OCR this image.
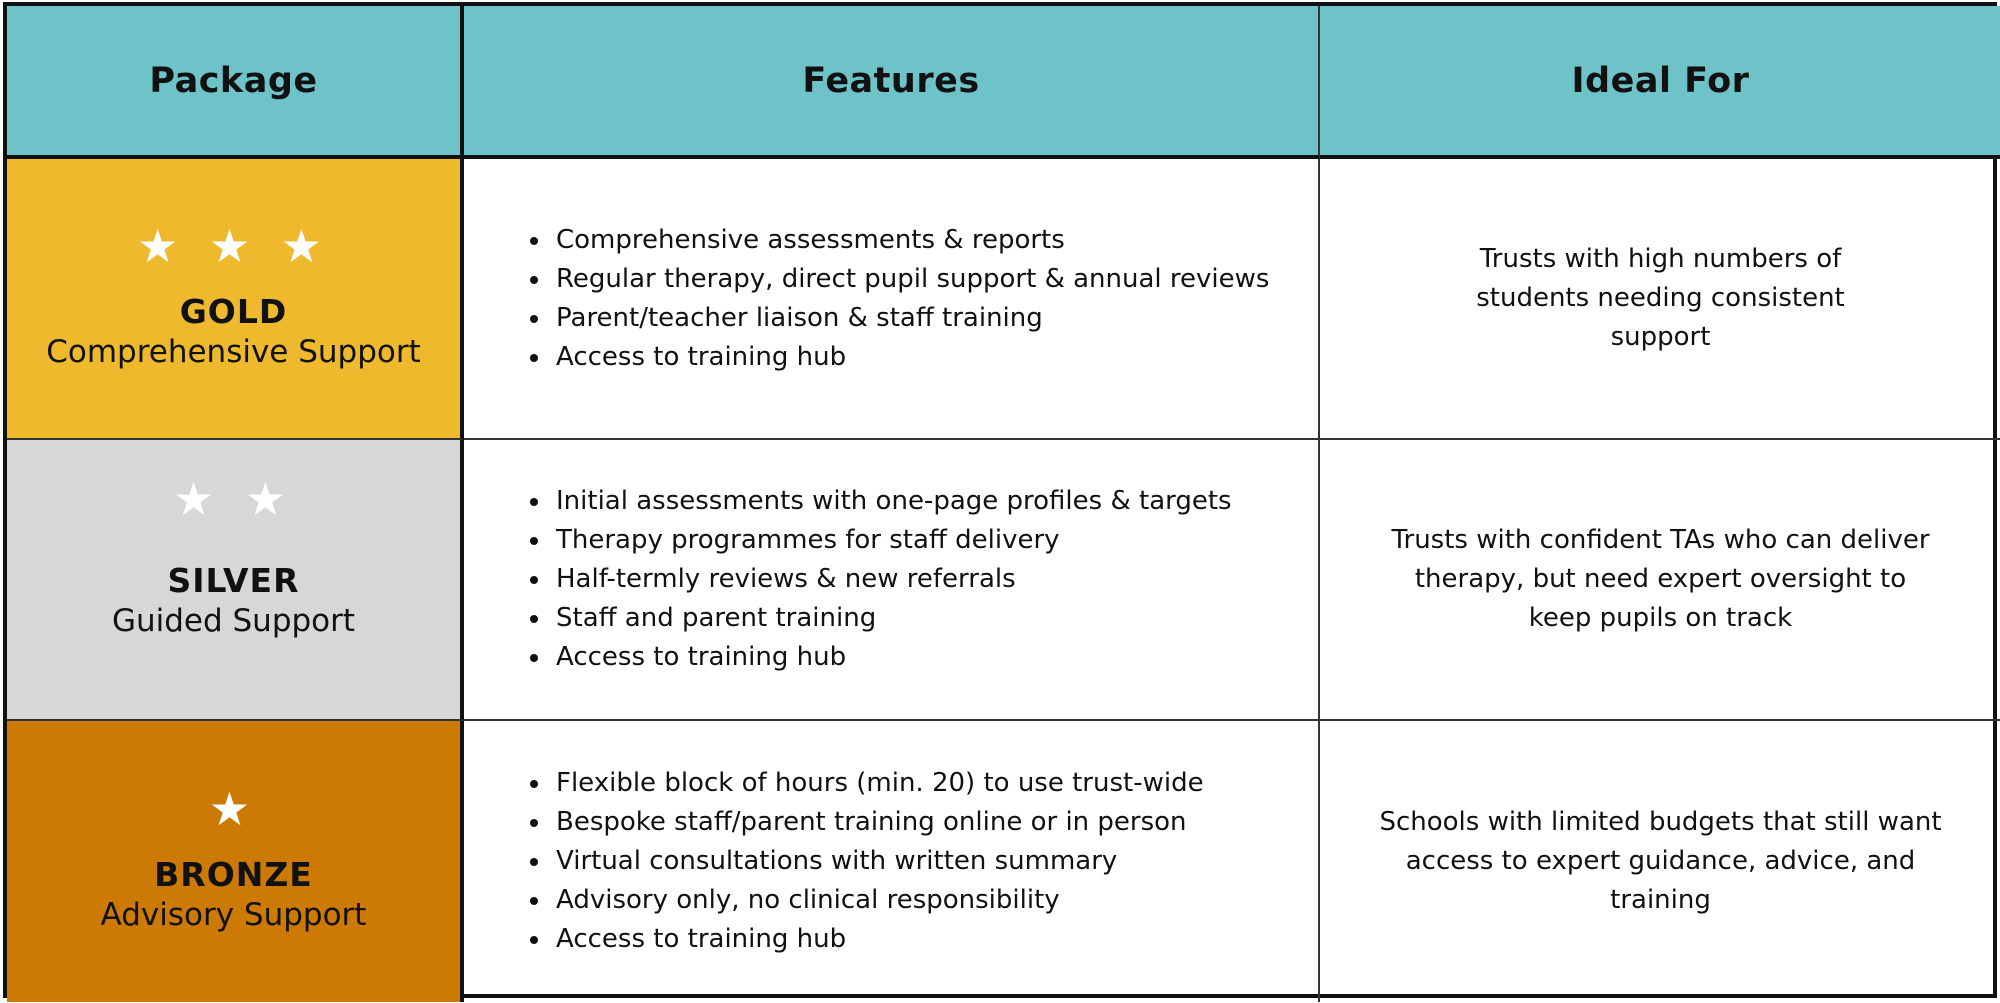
Package	Features	Ideal For
★ ★ ★
GOLD
Comprehensive Support
• Comprehensive assessments & reports
• Regular therapy, direct pupil support & annual reviews
• Parent/teacher liaison & staff training
• Access to training hub
Trusts with high numbers of students needing consistent support
★ ★
SILVER
Guided Support
• Initial assessments with one-page profiles & targets
• Therapy programmes for staff delivery
• Half-termly reviews & new referrals
• Staff and parent training
• Access to training hub
Trusts with confident TAs who can deliver therapy, but need expert oversight to keep pupils on track
★
BRONZE
Advisory Support
• Flexible block of hours (min. 20) to use trust-wide
• Bespoke staff/parent training online or in person
• Virtual consultations with written summary
• Advisory only, no clinical responsibility
• Access to training hub
Schools with limited budgets that still want access to expert guidance, advice, and training
